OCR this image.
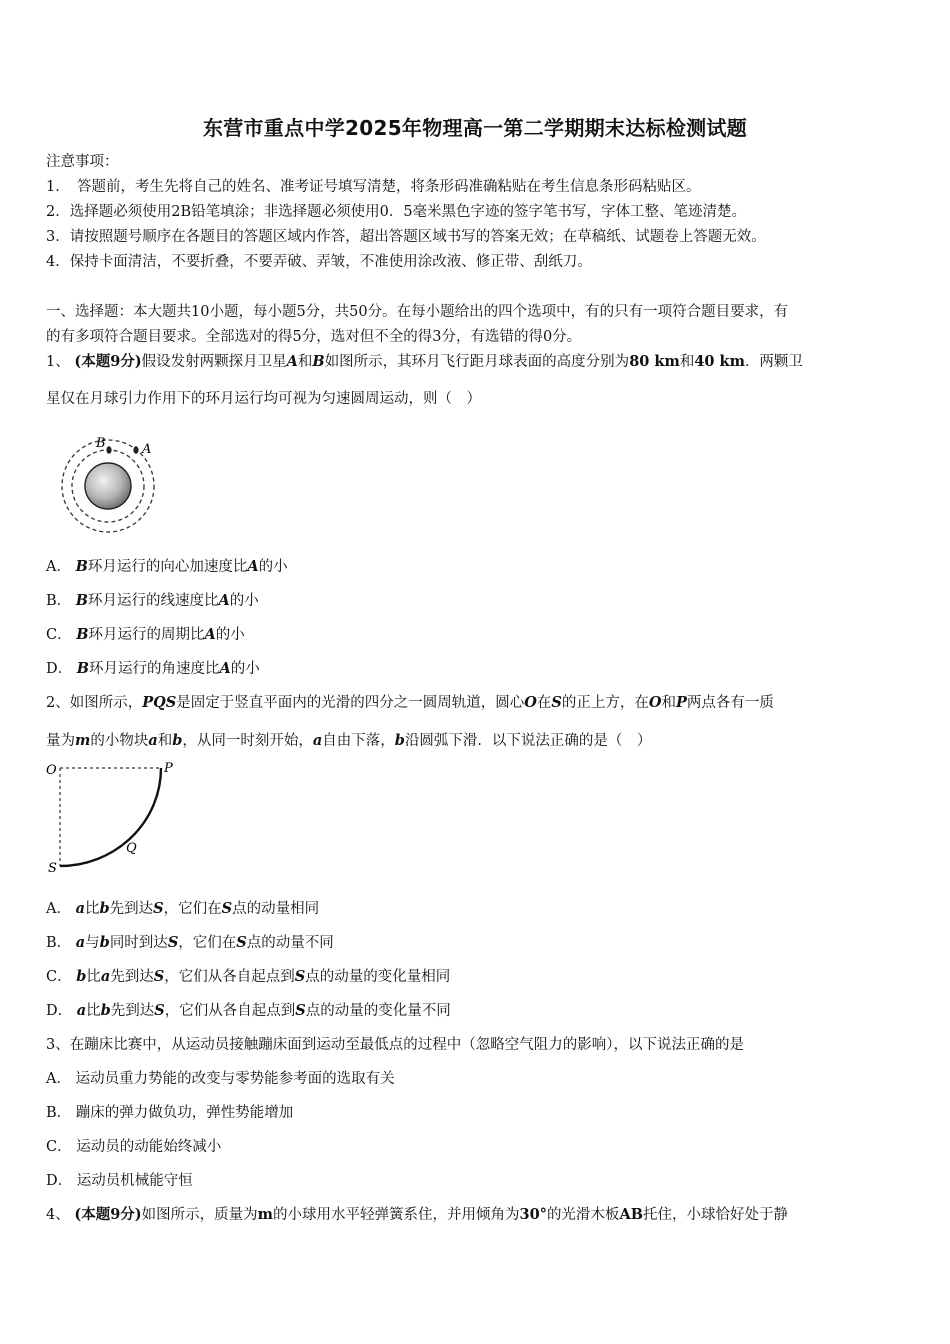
东营市重点中学2025年物理高一第二学期期末达标检测试题
注意事项：
1．　答题前，考生先将自己的姓名、准考证号填写清楚，将条形码准确粘贴在考生信息条形码粘贴区。
2．选择题必须使用2B铅笔填涂；非选择题必须使用0．5毫米黑色字迹的签字笔书写，字体工整、笔迹清楚。
3．请按照题号顺序在各题目的答题区域内作答，超出答题区域书写的答案无效；在草稿纸、试题卷上答题无效。
4．保持卡面清洁，不要折叠，不要弄破、弄皱，不准使用涂改液、修正带、刮纸刀。
一、选择题：本大题共10小题，每小题5分，共50分。在每小题给出的四个选项中，有的只有一项符合题目要求，有
的有多项符合题目要求。全部选对的得5分，选对但不全的得3分，有选错的得0分。
1、 (本题9分)假设发射两颗探月卫星A和B如图所示，其环月飞行距月球表面的高度分别为80 km和40 km．两颗卫
星仅在月球引力作用下的环月运行均可视为匀速圆周运动，则（　）
B	A
A． B环月运行的向心加速度比A的小
B． B环月运行的线速度比A的小
C． B环月运行的周期比A的小
D． B环月运行的角速度比A的小
2、如图所示，PQS是固定于竖直平面内的光滑的四分之一圆周轨道，圆心O在S的正上方，在O和P两点各有一质
量为m的小物块a和b，从同一时刻开始，a自由下落，b沿圆弧下滑．以下说法正确的是（　）
O	P
Q
S
A． a比b先到达S，它们在S点的动量相同
B． a与b同时到达S，它们在S点的动量不同
C． b比a先到达S，它们从各自起点到S点的动量的变化量相同
D． a比b先到达S，它们从各自起点到S点的动量的变化量不同
3、在蹦床比赛中，从运动员接触蹦床面到运动至最低点的过程中（忽略空气阻力的影响），以下说法正确的是
A． 运动员重力势能的改变与零势能参考面的选取有关
B． 蹦床的弹力做负功，弹性势能增加
C． 运动员的动能始终减小
D． 运动员机械能守恒
4、 (本题9分)如图所示，质量为m的小球用水平轻弹簧系住，并用倾角为30°的光滑木板AB托住，小球恰好处于静
